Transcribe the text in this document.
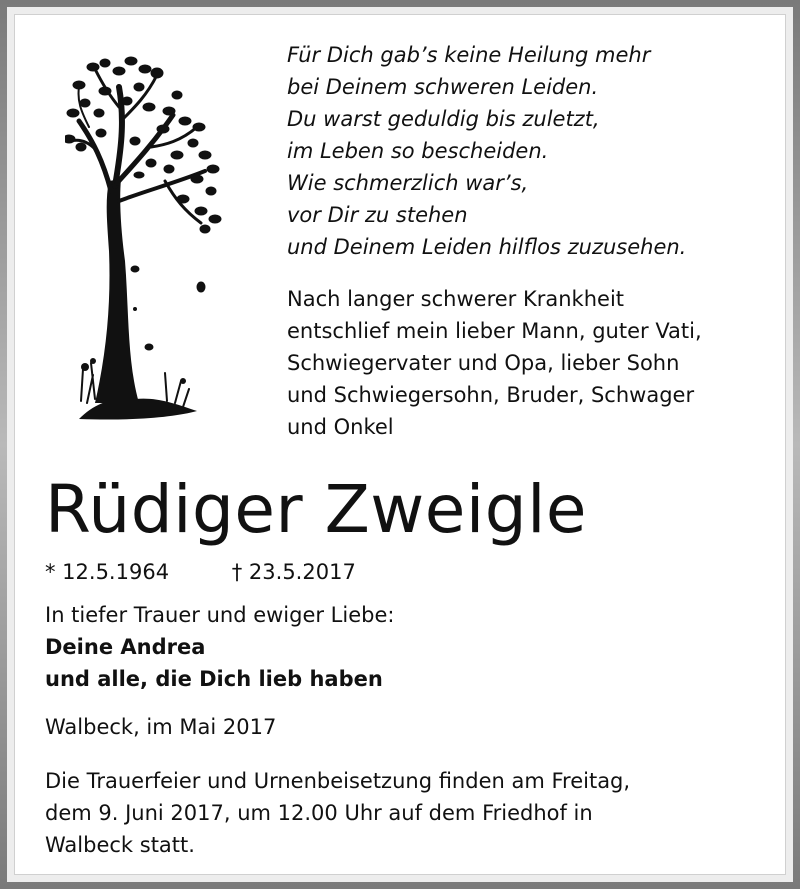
Für Dich gab’s keine Heilung mehr
bei Deinem schweren Leiden.
Du warst geduldig bis zuletzt,
im Leben so bescheiden.
Wie schmerzlich war’s,
vor Dir zu stehen
und Deinem Leiden hilflos zuzusehen.
Nach langer schwerer Krankheit
entschlief mein lieber Mann, guter Vati,
Schwiegervater und Opa, lieber Sohn
und Schwiegersohn, Bruder, Schwager
und Onkel
Rüdiger Zweigle
* 12.5.1964	† 23.5.2017
In tiefer Trauer und ewiger Liebe:
Deine Andrea
und alle, die Dich lieb haben
Walbeck, im Mai 2017
Die Trauerfeier und Urnenbeisetzung finden am Freitag,
dem 9. Juni 2017, um 12.00 Uhr auf dem Friedhof in
Walbeck statt.
